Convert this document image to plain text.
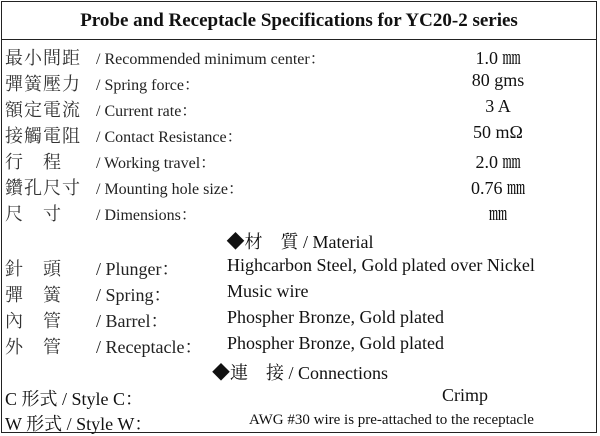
Probe and Receptacle Specifications for YC20-2 series
最小間距 / Recommended minimum center：	1.0 ㎜
彈簧壓力 / Spring force：	80 gms
額定電流 / Current rate：	3 A
接觸電阻 / Contact Resistance：	50 mΩ
行　程 / Working travel：	2.0 ㎜
鑽孔尺寸 / Mounting hole size：	0.76 ㎜
尺　寸 / Dimensions：	㎜
◆材　質 / Material
針　頭 / Plunger：	Highcarbon Steel, Gold plated over Nickel
彈　簧 / Spring：	Music wire
內　管 / Barrel：	Phospher Bronze, Gold plated
外　管 / Receptacle： Phospher Bronze, Gold plated
◆連　接 / Connections
C 形式 / Style C：	Crimp
W 形式 / Style W：	AWG #30 wire is pre-attached to the receptacle
